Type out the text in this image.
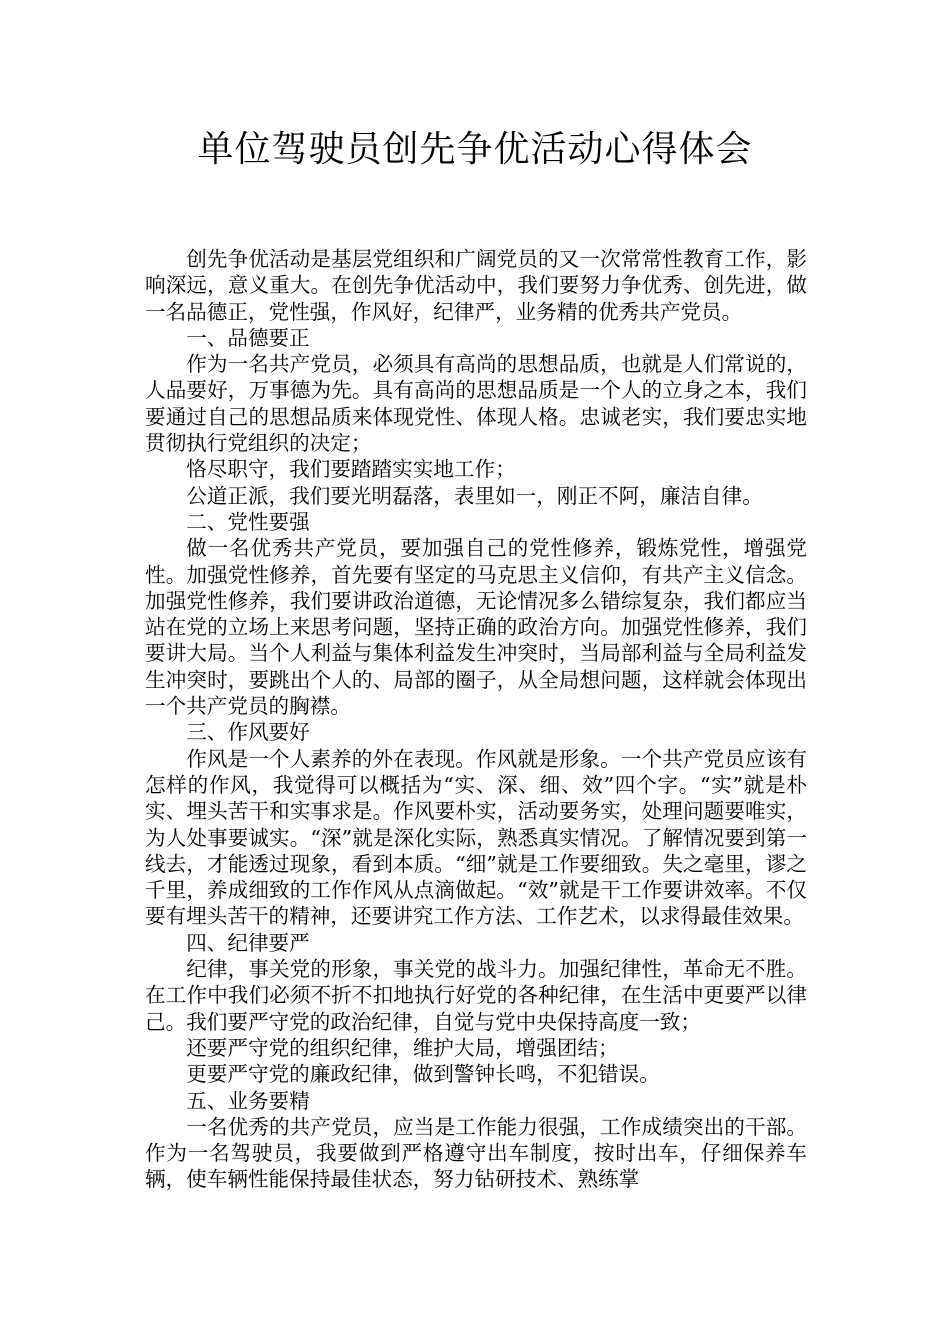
单位驾驶员创先争优活动心得体会

创先争优活动是基层党组织和广阔党员的又一次常常性教育工作，影响深远，意义重大。在创先争优活动中，我们要努力争优秀、创先进，做一名品德正，党性强，作风好，纪律严，业务精的优秀共产党员。

一、品德要正

作为一名共产党员，必须具有高尚的思想品质，也就是人们常说的，人品要好，万事德为先。具有高尚的思想品质是一个人的立身之本，我们要通过自己的思想品质来体现党性、体现人格。忠诚老实，我们要忠实地贯彻执行党组织的决定；

恪尽职守，我们要踏踏实实地工作；

公道正派，我们要光明磊落，表里如一，刚正不阿，廉洁自律。

二、党性要强

做一名优秀共产党员，要加强自己的党性修养，锻炼党性，增强党性。加强党性修养，首先要有坚定的马克思主义信仰，有共产主义信念。加强党性修养，我们要讲政治道德，无论情况多么错综复杂，我们都应当站在党的立场上来思考问题，坚持正确的政治方向。加强党性修养，我们要讲大局。当个人利益与集体利益发生冲突时，当局部利益与全局利益发生冲突时，要跳出个人的、局部的圈子，从全局想问题，这样就会体现出一个共产党员的胸襟。

三、作风要好

作风是一个人素养的外在表现。作风就是形象。一个共产党员应该有怎样的作风，我觉得可以概括为“实、深、细、效”四个字。“实”就是朴实、埋头苦干和实事求是。作风要朴实，活动要务实，处理问题要唯实，为人处事要诚实。“深”就是深化实际，熟悉真实情况。了解情况要到第一线去，才能透过现象，看到本质。“细”就是工作要细致。失之毫里，谬之千里，养成细致的工作作风从点滴做起。“效”就是干工作要讲效率。不仅要有埋头苦干的精神，还要讲究工作方法、工作艺术，以求得最佳效果。

四、纪律要严

纪律，事关党的形象，事关党的战斗力。加强纪律性，革命无不胜。在工作中我们必须不折不扣地执行好党的各种纪律，在生活中更要严以律己。我们要严守党的政治纪律，自觉与党中央保持高度一致；

还要严守党的组织纪律，维护大局，增强团结；

更要严守党的廉政纪律，做到警钟长鸣，不犯错误。

五、业务要精

一名优秀的共产党员，应当是工作能力很强，工作成绩突出的干部。作为一名驾驶员，我要做到严格遵守出车制度，按时出车，仔细保养车辆，使车辆性能保持最佳状态，努力钻研技术、熟练掌
